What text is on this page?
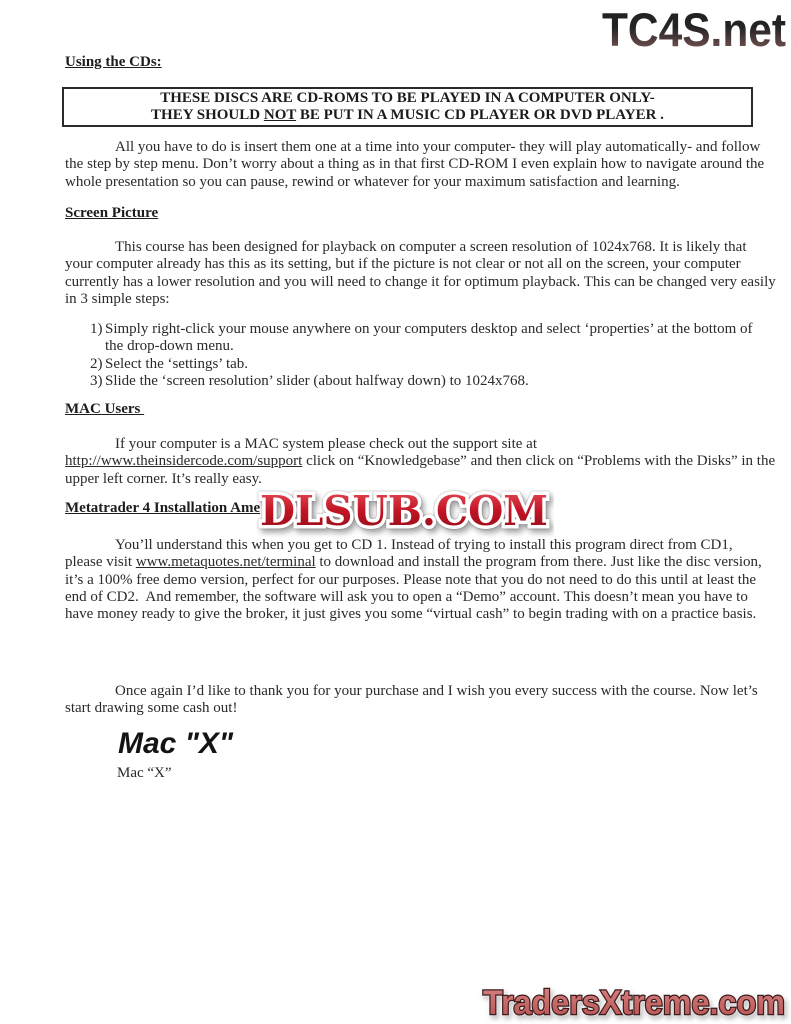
TC4S.net
Using the CDs:
Screen Picture
MAC Users
Metatrader 4 Installation Ame
THESE DISCS ARE CD-ROMS TO BE PLAYED IN A COMPUTER ONLY-
THEY SHOULD NOT BE PUT IN A MUSIC CD PLAYER OR DVD PLAYER .
All you have to do is insert them one at a time into your computer- they will play automatically- and follow
the step by step menu. Don’t worry about a thing as in that first CD-ROM I even explain how to navigate around the
whole presentation so you can pause, rewind or whatever for your maximum satisfaction and learning.
This course has been designed for playback on computer a screen resolution of 1024x768. It is likely that
your computer already has this as its setting, but if the picture is not clear or not all on the screen, your computer
currently has a lower resolution and you will need to change it for optimum playback. This can be changed very easily
in 3 simple steps:
1) Simply right-click your mouse anywhere on your computers desktop and select ‘properties’ at the bottom of
the drop-down menu.
2) Select the ‘settings’ tab.
3) Slide the ‘screen resolution’ slider (about halfway down) to 1024x768.
If your computer is a MAC system please check out the support site at
http://www.theinsidercode.com/support click on “Knowledgebase” and then click on “Problems with the Disks” in the
upper left corner. It’s really easy.
DLSUB.COM
You’ll understand this when you get to CD 1. Instead of trying to install this program direct from CD1,
please visit www.metaquotes.net/terminal to download and install the program from there. Just like the disc version,
it’s a 100% free demo version, perfect for our purposes. Please note that you do not need to do this until at least the
end of CD2.  And remember, the software will ask you to open a “Demo” account. This doesn’t mean you have to
have money ready to give the broker, it just gives you some “virtual cash” to begin trading with on a practice basis.
Once again I’d like to thank you for your purchase and I wish you every success with the course. Now let’s
start drawing some cash out!
Mac "X"
Mac “X”
TradersXtreme.com
